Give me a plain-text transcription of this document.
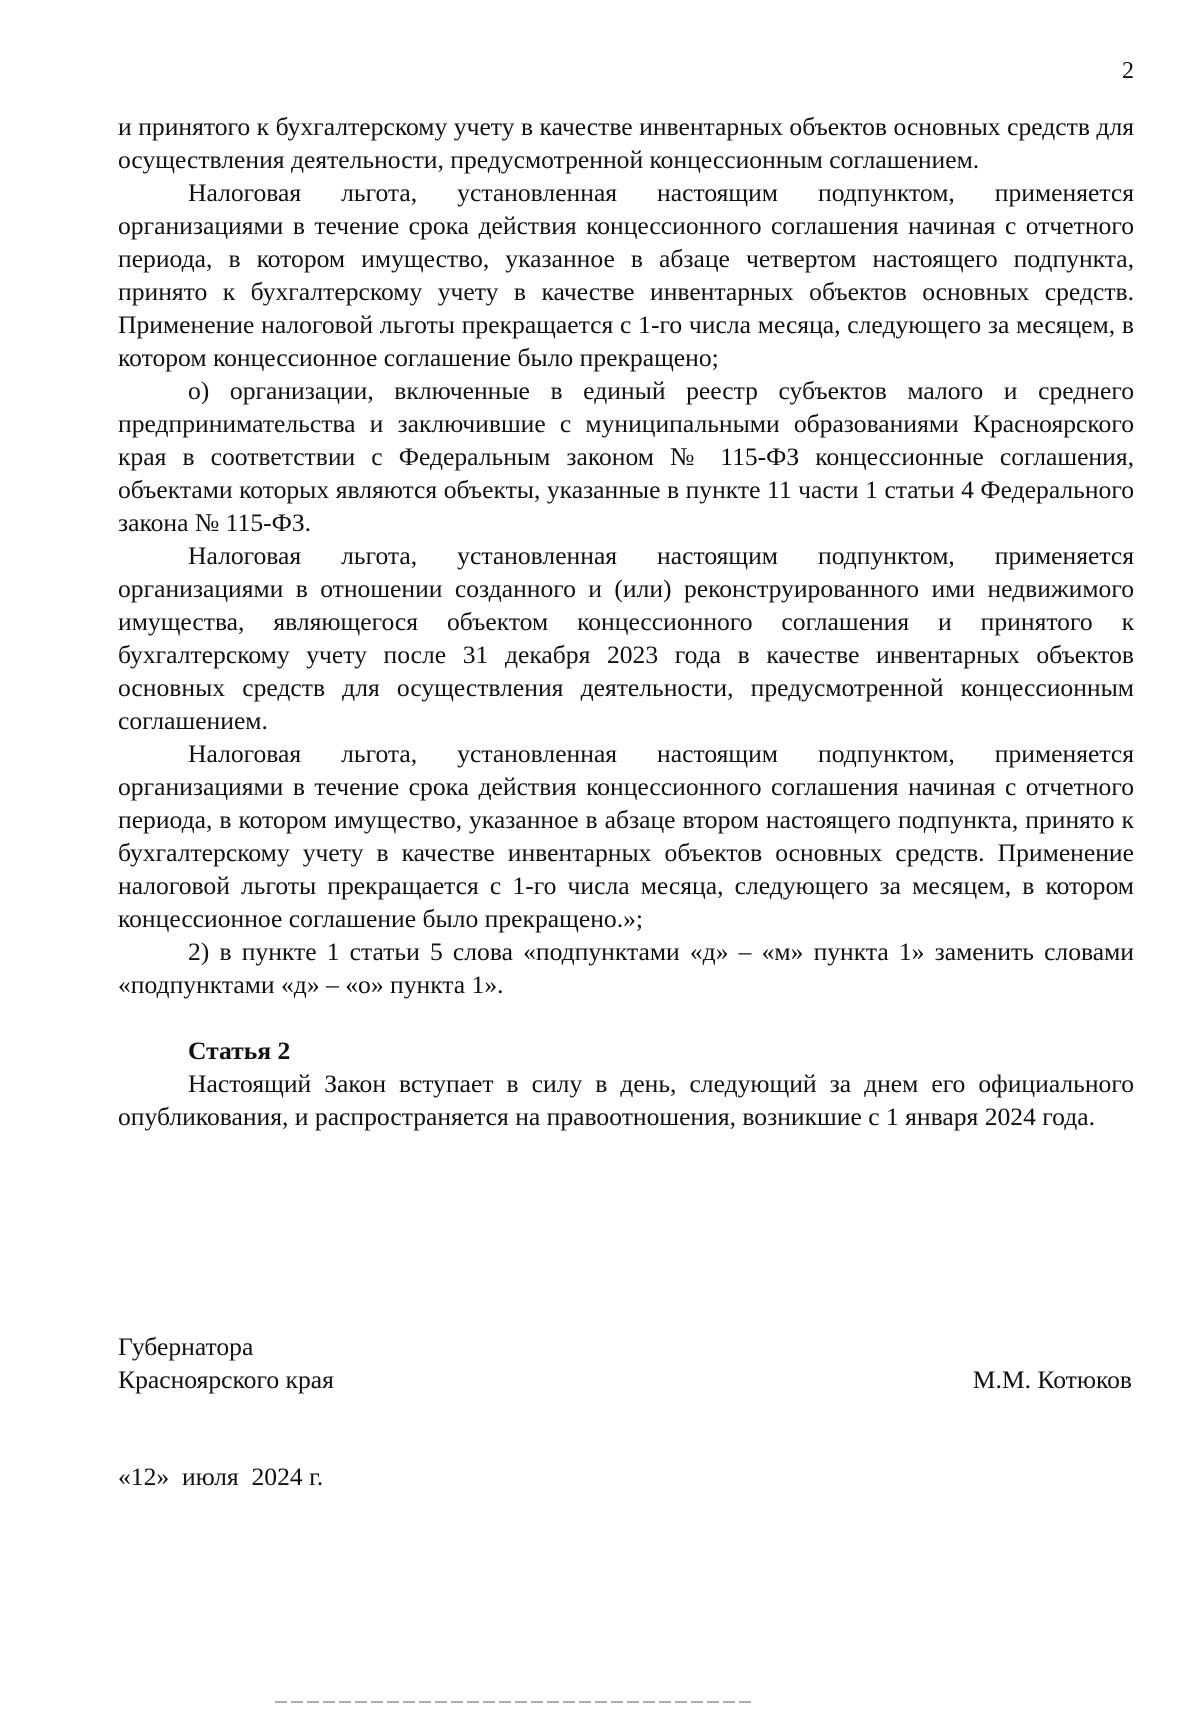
2

и принятого к бухгалтерскому учету в качестве инвентарных объектов основных средств для осуществления деятельности, предусмотренной концессионным соглашением.

Налоговая льгота, установленная настоящим подпунктом, применяется организациями в течение срока действия концессионного соглашения начиная с отчетного периода, в котором имущество, указанное в абзаце четвертом настоящего подпункта, принято к бухгалтерскому учету в качестве инвентарных объектов основных средств. Применение налоговой льготы прекращается с 1-го числа месяца, следующего за месяцем, в котором концессионное соглашение было прекращено;

о) организации, включенные в единый реестр субъектов малого и среднего предпринимательства и заключившие с муниципальными образованиями Красноярского края в соответствии с Федеральным законом № 115-ФЗ концессионные соглашения, объектами которых являются объекты, указанные в пункте 11 части 1 статьи 4 Федерального закона № 115-ФЗ.

Налоговая льгота, установленная настоящим подпунктом, применяется организациями в отношении созданного и (или) реконструированного ими недвижимого имущества, являющегося объектом концессионного соглашения и принятого к бухгалтерскому учету после 31 декабря 2023 года в качестве инвентарных объектов основных средств для осуществления деятельности, предусмотренной концессионным соглашением.

Налоговая льгота, установленная настоящим подпунктом, применяется организациями в течение срока действия концессионного соглашения начиная с отчетного периода, в котором имущество, указанное в абзаце втором настоящего подпункта, принято к бухгалтерскому учету в качестве инвентарных объектов основных средств. Применение налоговой льготы прекращается с 1-го числа месяца, следующего за месяцем, в котором концессионное соглашение было прекращено.»;

2) в пункте 1 статьи 5 слова «подпунктами «д» – «м» пункта 1» заменить словами «подпунктами «д» – «о» пункта 1».

Статья 2

Настоящий Закон вступает в силу в день, следующий за днем его официального опубликования, и распространяется на правоотношения, возникшие с 1 января 2024 года.

Губернатора
Красноярского края	М.М. Котюков
«12»  июля  2024 г.
